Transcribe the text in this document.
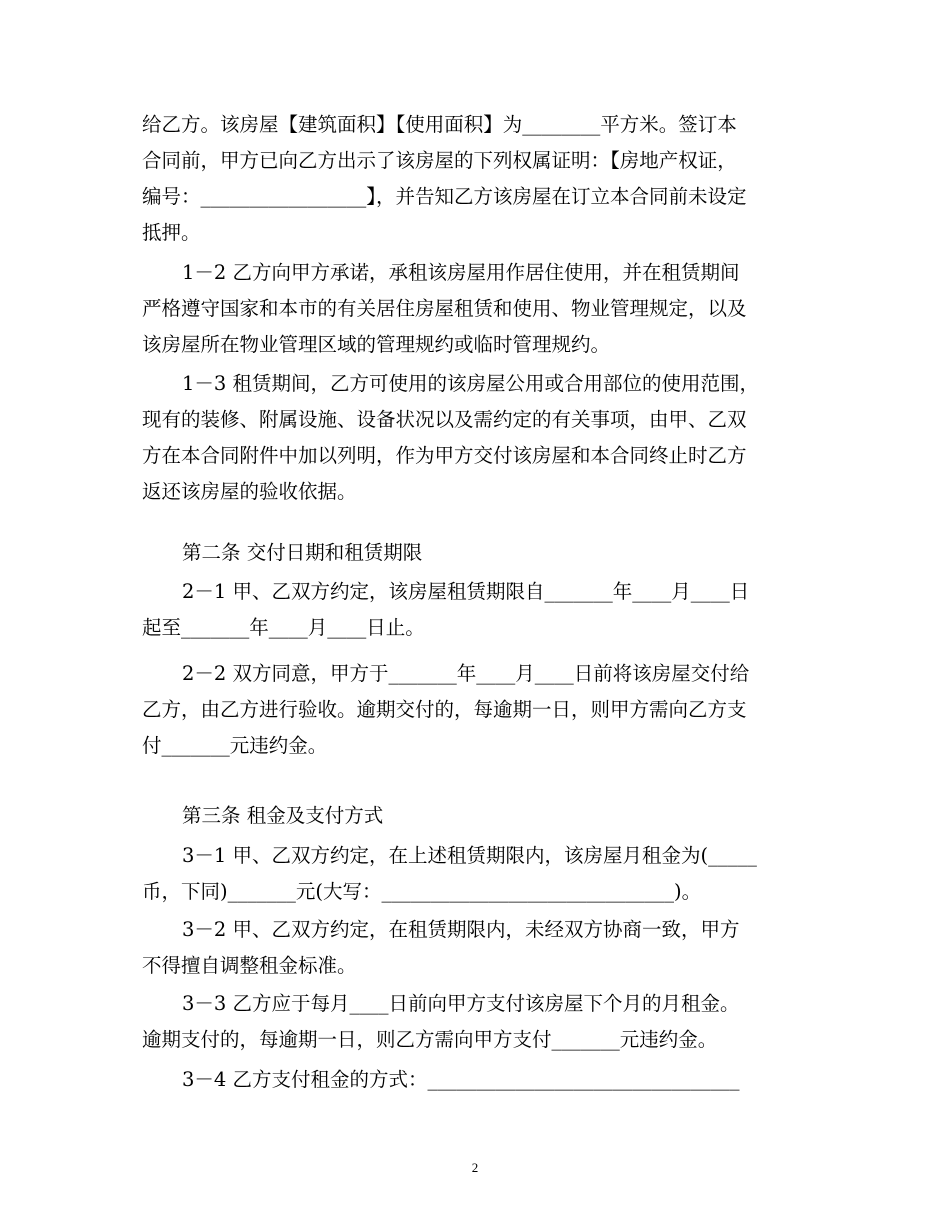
给乙方。该房屋【建筑面积】【使用面积】为________平方米。签订本
合同前，甲方已向乙方出示了该房屋的下列权属证明：【房地产权证，
编号：_________________】，并告知乙方该房屋在订立本合同前未设定
抵押。
1－2 乙方向甲方承诺，承租该房屋用作居住使用，并在租赁期间
严格遵守国家和本市的有关居住房屋租赁和使用、物业管理规定，以及
该房屋所在物业管理区域的管理规约或临时管理规约。
1－3 租赁期间，乙方可使用的该房屋公用或合用部位的使用范围，
现有的装修、附属设施、设备状况以及需约定的有关事项，由甲、乙双
方在本合同附件中加以列明，作为甲方交付该房屋和本合同终止时乙方
返还该房屋的验收依据。
第二条 交付日期和租赁期限
2－1 甲、乙双方约定，该房屋租赁期限自_______年____月____日
起至_______年____月____日止。
2－2 双方同意，甲方于_______年____月____日前将该房屋交付给
乙方，由乙方进行验收。逾期交付的，每逾期一日，则甲方需向乙方支
付_______元违约金。
第三条 租金及支付方式
3－1 甲、乙双方约定，在上述租赁期限内，该房屋月租金为(_____
币，下同)_______元(大写：______________________________)。
3－2 甲、乙双方约定，在租赁期限内，未经双方协商一致，甲方
不得擅自调整租金标准。
3－3 乙方应于每月____日前向甲方支付该房屋下个月的月租金。
逾期支付的，每逾期一日，则乙方需向甲方支付_______元违约金。
3－4 乙方支付租金的方式：________________________________
2
